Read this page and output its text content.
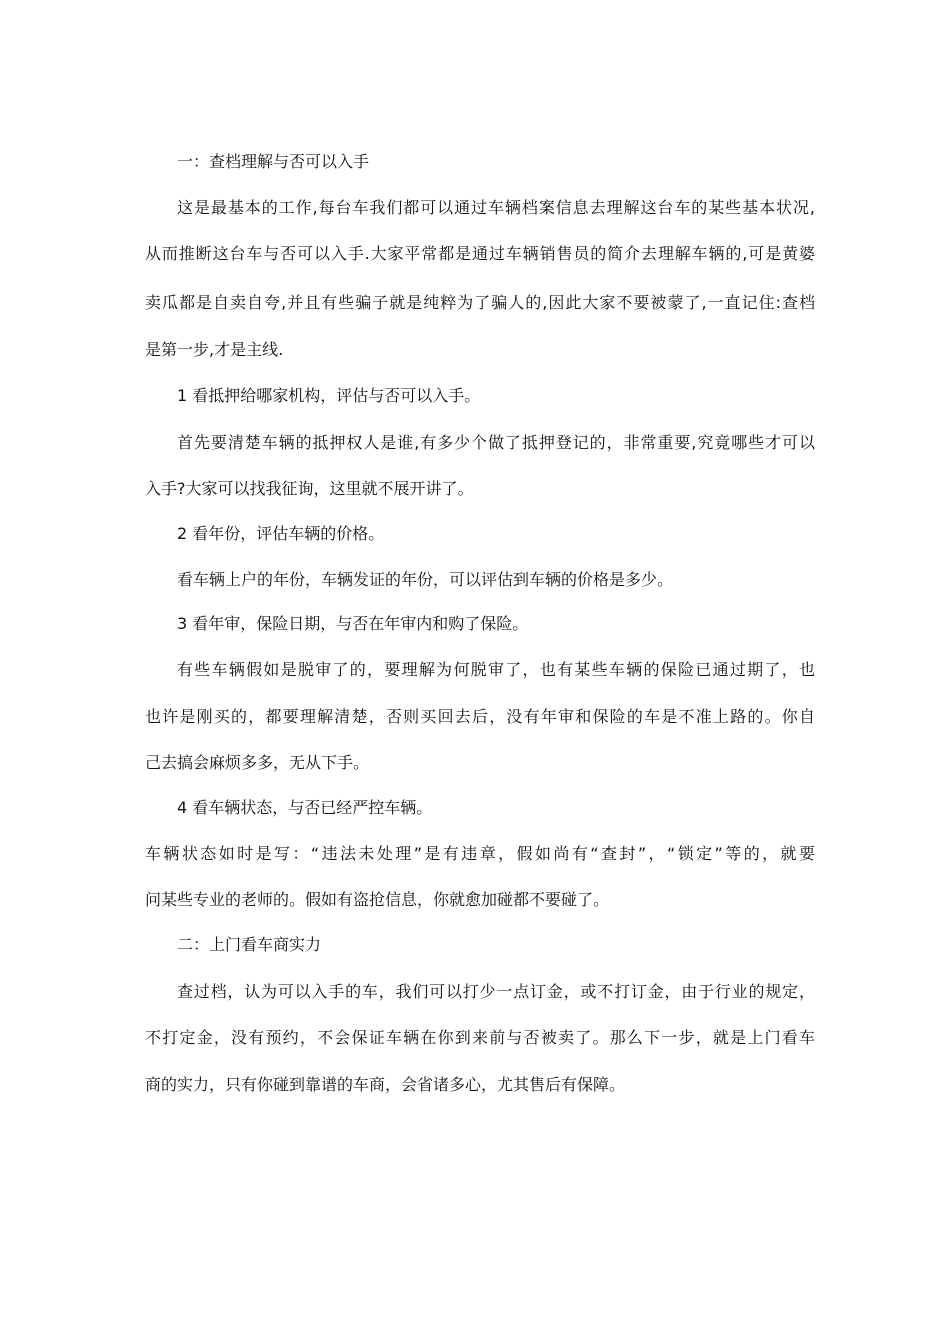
一：查档理解与否可以入手
这是最基本的工作,每台车我们都可以通过车辆档案信息去理解这台车的某些基本状况,
从而推断这台车与否可以入手.大家平常都是通过车辆销售员的简介去理解车辆的,可是黄婆
卖瓜都是自卖自夸,并且有些骗子就是纯粹为了骗人的,因此大家不要被蒙了,一直记住:查档
是第一步,才是主线.
1 看抵押给哪家机构，评估与否可以入手。
首先要清楚车辆的抵押权人是谁,有多少个做了抵押登记的，非常重要,究竟哪些才可以
入手?大家可以找我征询，这里就不展开讲了。
2 看年份，评估车辆的价格。
看车辆上户的年份，车辆发证的年份，可以评估到车辆的价格是多少。
3 看年审，保险日期，与否在年审内和购了保险。
有些车辆假如是脱审了的，要理解为何脱审了，也有某些车辆的保险已通过期了，也
也许是刚买的，都要理解清楚，否则买回去后，没有年审和保险的车是不准上路的。你自
己去搞会麻烦多多，无从下手。
4 看车辆状态，与否已经严控车辆。
车辆状态如时是写：“违法未处理”是有违章，假如尚有“查封”，“锁定”等的，就要
问某些专业的老师的。假如有盗抢信息，你就愈加碰都不要碰了。
二：上门看车商实力
查过档，认为可以入手的车，我们可以打少一点订金，或不打订金，由于行业的规定，
不打定金，没有预约，不会保证车辆在你到来前与否被卖了。那么下一步，就是上门看车
商的实力，只有你碰到靠谱的车商，会省诸多心，尤其售后有保障。
